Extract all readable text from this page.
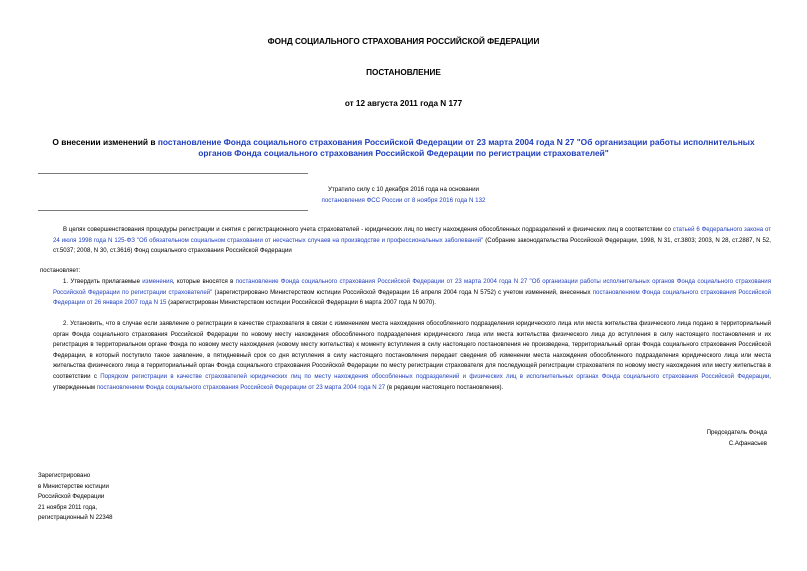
ФОНД СОЦИАЛЬНОГО СТРАХОВАНИЯ РОССИЙСКОЙ ФЕДЕРАЦИИ
ПОСТАНОВЛЕНИЕ
от 12 августа 2011 года N 177
О внесении изменений в постановление Фонда социального страхования Российской Федерации от 23 марта 2004 года N 27 "Об организации работы исполнительных органов Фонда социального страхования Российской Федерации по регистрации страхователей"
Утратило силу с 10 декабря 2016 года на основании
постановления ФСС России от 8 ноября 2016 года N 132
В целях совершенствования процедуры регистрации и снятия с регистрационного учета страхователей - юридических лиц по месту нахождения обособленных подразделений и физических лиц в соответствии со статьей 6 Федерального закона от 24 июля 1998 года N 125-ФЗ "Об обязательном социальном страховании от несчастных случаев на производстве и профессиональных заболеваний" (Собрание законодательства Российской Федерации, 1998, N 31, ст.3803; 2003, N 28, ст.2887, N 52, ст.5037; 2008, N 30, ст.3616) Фонд социального страхования Российской Федерации
постановляет:
1. Утвердить прилагаемые изменения, которые вносятся в постановление Фонда социального страхования Российской Федерации от 23 марта 2004 года N 27 "Об организации работы исполнительных органов Фонда социального страхования Российской Федерации по регистрации страхователей" (зарегистрировано Министерством юстиции Российской Федерации 16 апреля 2004 года N 5752) с учетом изменений, внесенных постановлением Фонда социального страхования Российской Федерации от 26 января 2007 года N 15 (зарегистрирован Министерством юстиции Российской Федерации 6 марта 2007 года N 9070).
2. Установить, что в случае если заявление о регистрации в качестве страхователя в связи с изменением места нахождения обособленного подразделения юридического лица или места жительства физического лица подано в территориальный орган Фонда социального страхования Российской Федерации по новому месту нахождения обособленного подразделения юридического лица или места жительства физического лица до вступления в силу настоящего постановления и их регистрация в территориальном органе Фонда по новому месту нахождения (новому месту жительства) к моменту вступления в силу настоящего постановления не произведена, территориальный орган Фонда социального страхования Российской Федерации, в который поступило такое заявление, в пятидневный срок со дня вступления в силу настоящего постановления передает сведения об изменении места нахождения обособленного подразделения юридического лица или места жительства физического лица в территориальный орган Фонда социального страхования Российской Федерации по месту регистрации страхователя для последующей регистрации страхователя по новому месту нахождения или месту жительства в соответствии с Порядком регистрации в качестве страхователей юридических лиц по месту нахождения обособленных подразделений и физических лиц в исполнительных органах Фонда социального страхования Российской Федерации, утвержденным постановлением Фонда социального страхования Российской Федерации от 23 марта 2004 года N 27 (в редакции настоящего постановления).
Председатель Фонда
С.Афанасьев
Зарегистрировано
в Министерстве юстиции
Российской Федерации
21 ноября 2011 года,
регистрационный N 22348
